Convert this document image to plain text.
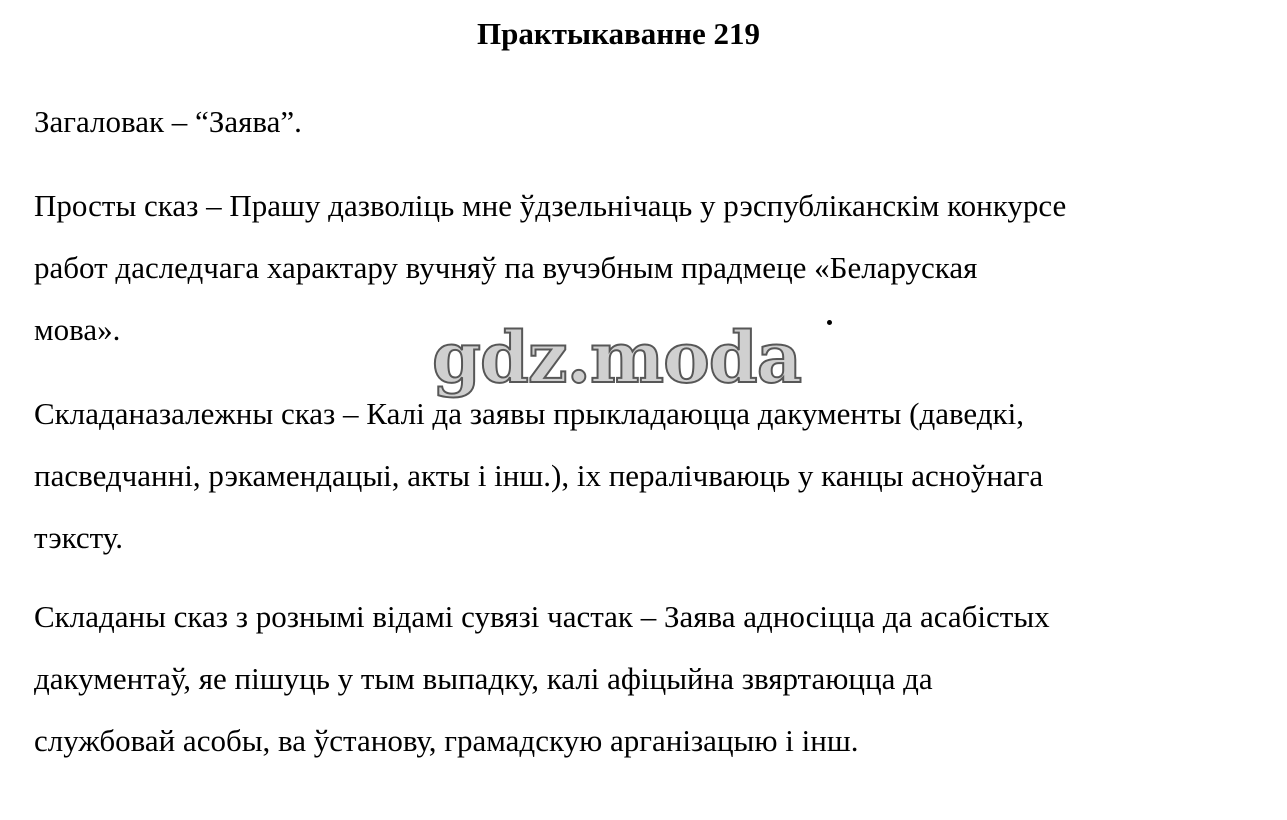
Практыкаванне 219

Загаловак – “Заява”.

Просты сказ – Прашу дазволіць мне ўдзельнічаць у рэспубліканскім конкурсе
работ даследчага характару вучняў па вучэбным прадмеце «Беларуская
мова».

Складаназалежны сказ – Калі да заявы прыкладаюцца дакументы (даведкі,
пасведчанні, рэкамендацыі, акты і інш.), іх пералічваюць у канцы асноўнага
тэксту.

Складаны сказ з рознымі відамі сувязі частак – Заява адносіцца да асабістых
дакументаў, яе пішуць у тым выпадку, калі афіцыйна звяртаюцца да
службовай асобы, ва ўстанову, грамадскую арганізацыю і інш.

gdz.moda
